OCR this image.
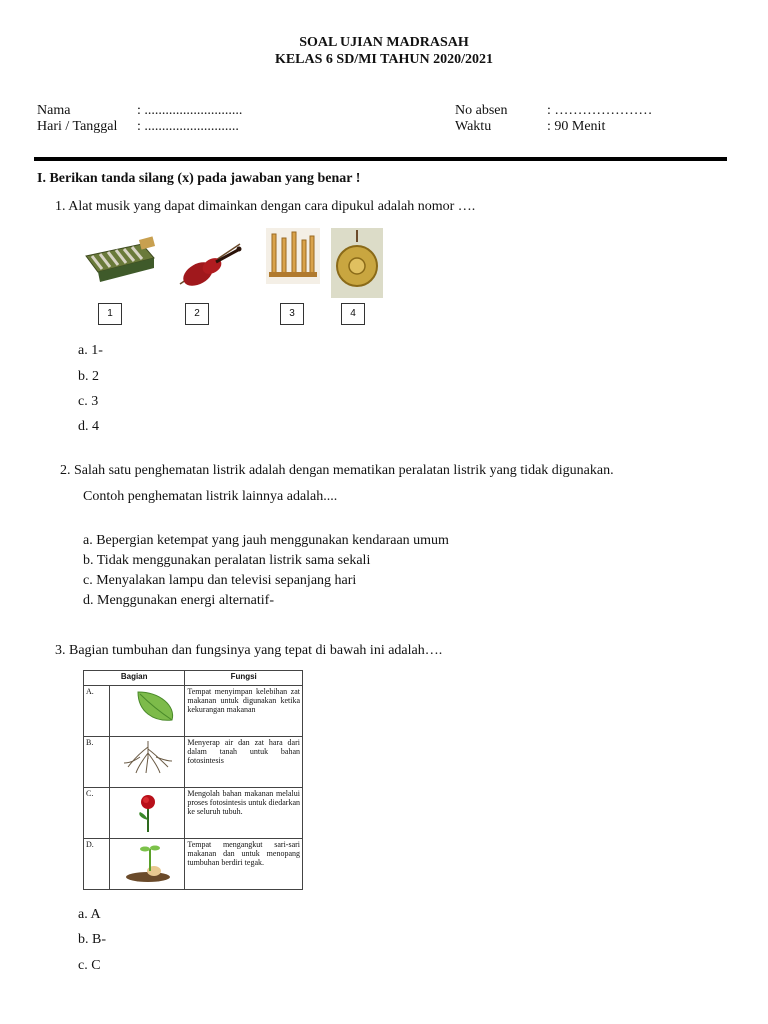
SOAL UJIAN MADRASAH
KELAS 6 SD/MI TAHUN 2020/2021
Nama	: ............................
Hari / Tanggal : ...........................
No absen	: …………………
Waktu	: 90 Menit
I. Berikan tanda silang (x) pada jawaban yang benar !
1. Alat musik yang dapat dimainkan dengan cara dipukul adalah nomor ….
1	2	3	4
a. 1-
b. 2
c. 3
d. 4
2. Salah satu penghematan listrik adalah dengan mematikan peralatan listrik yang tidak digunakan.
Contoh penghematan listrik lainnya adalah....
a. Bepergian ketempat yang jauh menggunakan kendaraan umum
b. Tidak menggunakan peralatan listrik sama sekali
c. Menyalakan lampu dan televisi sepanjang hari
d. Menggunakan energi alternatif-
3. Bagian tumbuhan dan fungsinya yang tepat di bawah ini adalah….
Bagian		Fungsi
A.		Tempat menyimpan kelebihan zat makanan untuk digunakan ketika kekurangan makanan
B.		Menyerap air dan zat hara dari dalam tanah untuk bahan fotosintesis
C.		Mengolah bahan makanan melalui proses fotosintesis untuk diedarkan ke seluruh tubuh.
D.		Tempat mengangkut sari-sari makanan dan untuk menopang tumbuhan berdiri tegak.
a. A
b. B-
c. C
